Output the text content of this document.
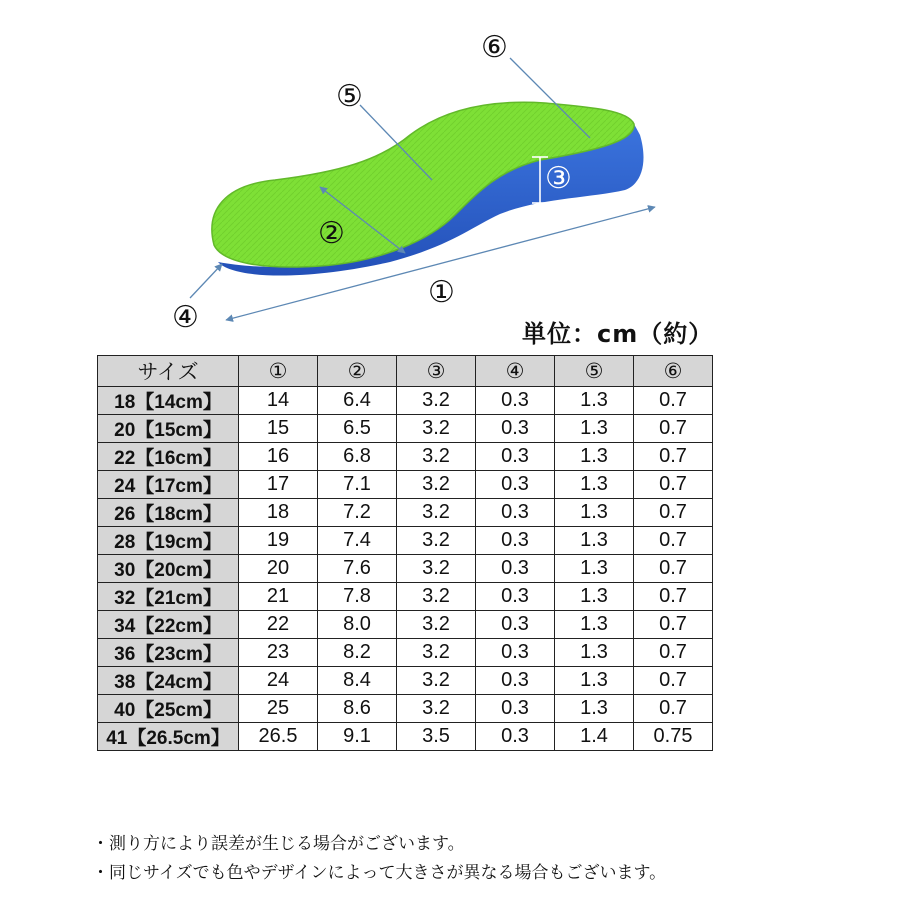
①
②
③
④
⑤
⑥
単位：cm（約）
サイズ	①	②	③	④	⑤	⑥
18【14cm】	14	6.4	3.2	0.3	1.3	0.7
20【15cm】	15	6.5	3.2	0.3	1.3	0.7
22【16cm】	16	6.8	3.2	0.3	1.3	0.7
24【17cm】	17	7.1	3.2	0.3	1.3	0.7
26【18cm】	18	7.2	3.2	0.3	1.3	0.7
28【19cm】	19	7.4	3.2	0.3	1.3	0.7
30【20cm】	20	7.6	3.2	0.3	1.3	0.7
32【21cm】	21	7.8	3.2	0.3	1.3	0.7
34【22cm】	22	8.0	3.2	0.3	1.3	0.7
36【23cm】	23	8.2	3.2	0.3	1.3	0.7
38【24cm】	24	8.4	3.2	0.3	1.3	0.7
40【25cm】	25	8.6	3.2	0.3	1.3	0.7
41【26.5cm】	26.5	9.1	3.5	0.3	1.4	0.75
・測り方により誤差が生じる場合がございます。
・同じサイズでも色やデザインによって大きさが異なる場合もございます。
